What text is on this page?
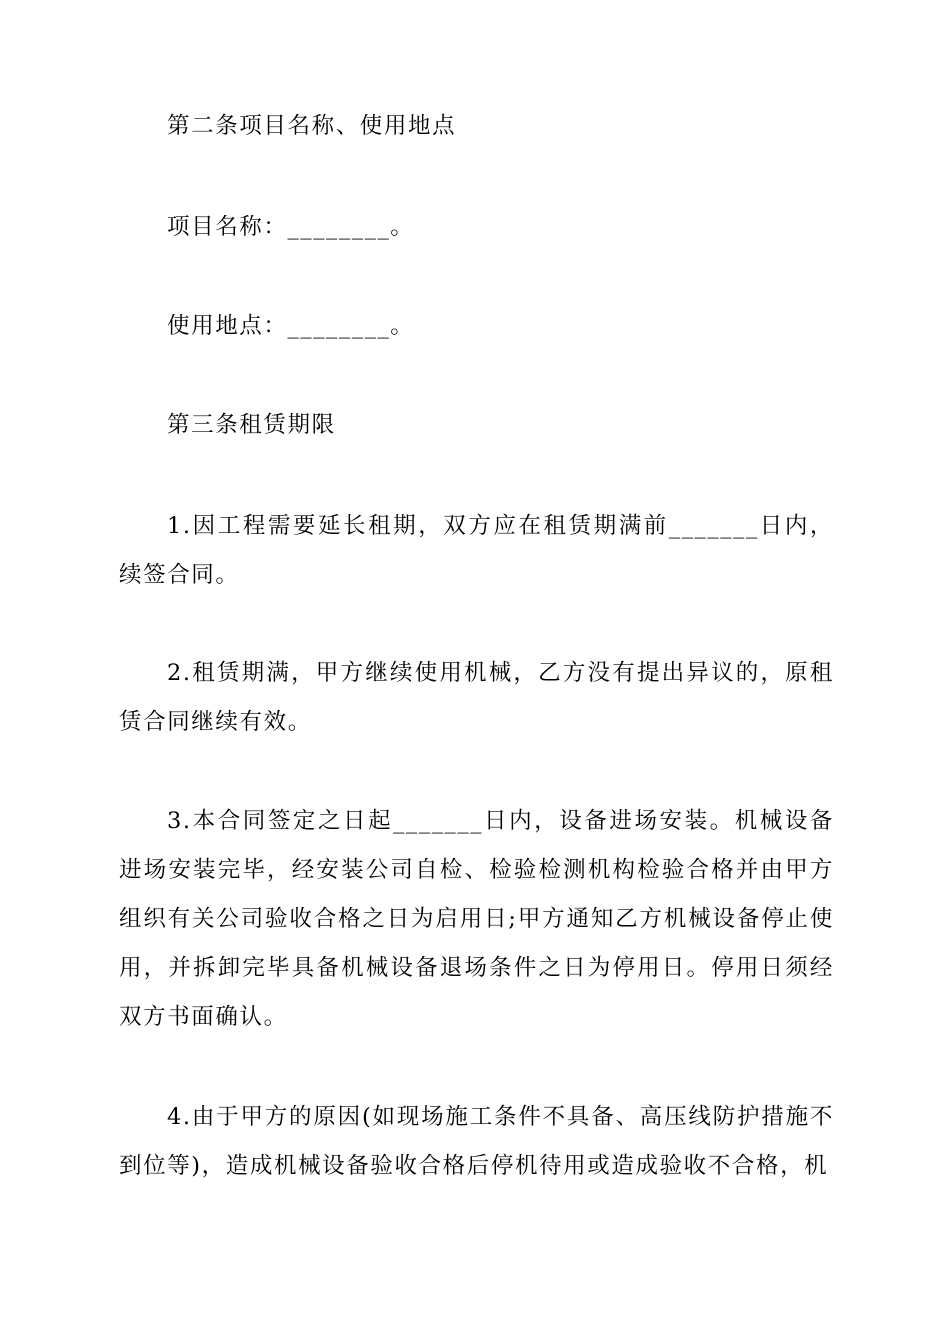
第二条项目名称、使用地点

项目名称：________。

使用地点：________。

第三条租赁期限

1.因工程需要延长租期，双方应在租赁期满前_______日内，续签合同。

2.租赁期满，甲方继续使用机械，乙方没有提出异议的，原租赁合同继续有效。

3.本合同签定之日起_______日内，设备进场安装。机械设备进场安装完毕，经安装公司自检、检验检测机构检验合格并由甲方组织有关公司验收合格之日为启用日;甲方通知乙方机械设备停止使用，并拆卸完毕具备机械设备退场条件之日为停用日。停用日须经双方书面确认。

4.由于甲方的原因(如现场施工条件不具备、高压线防护措施不到位等)，造成机械设备验收合格后停机待用或造成验收不合格，机
